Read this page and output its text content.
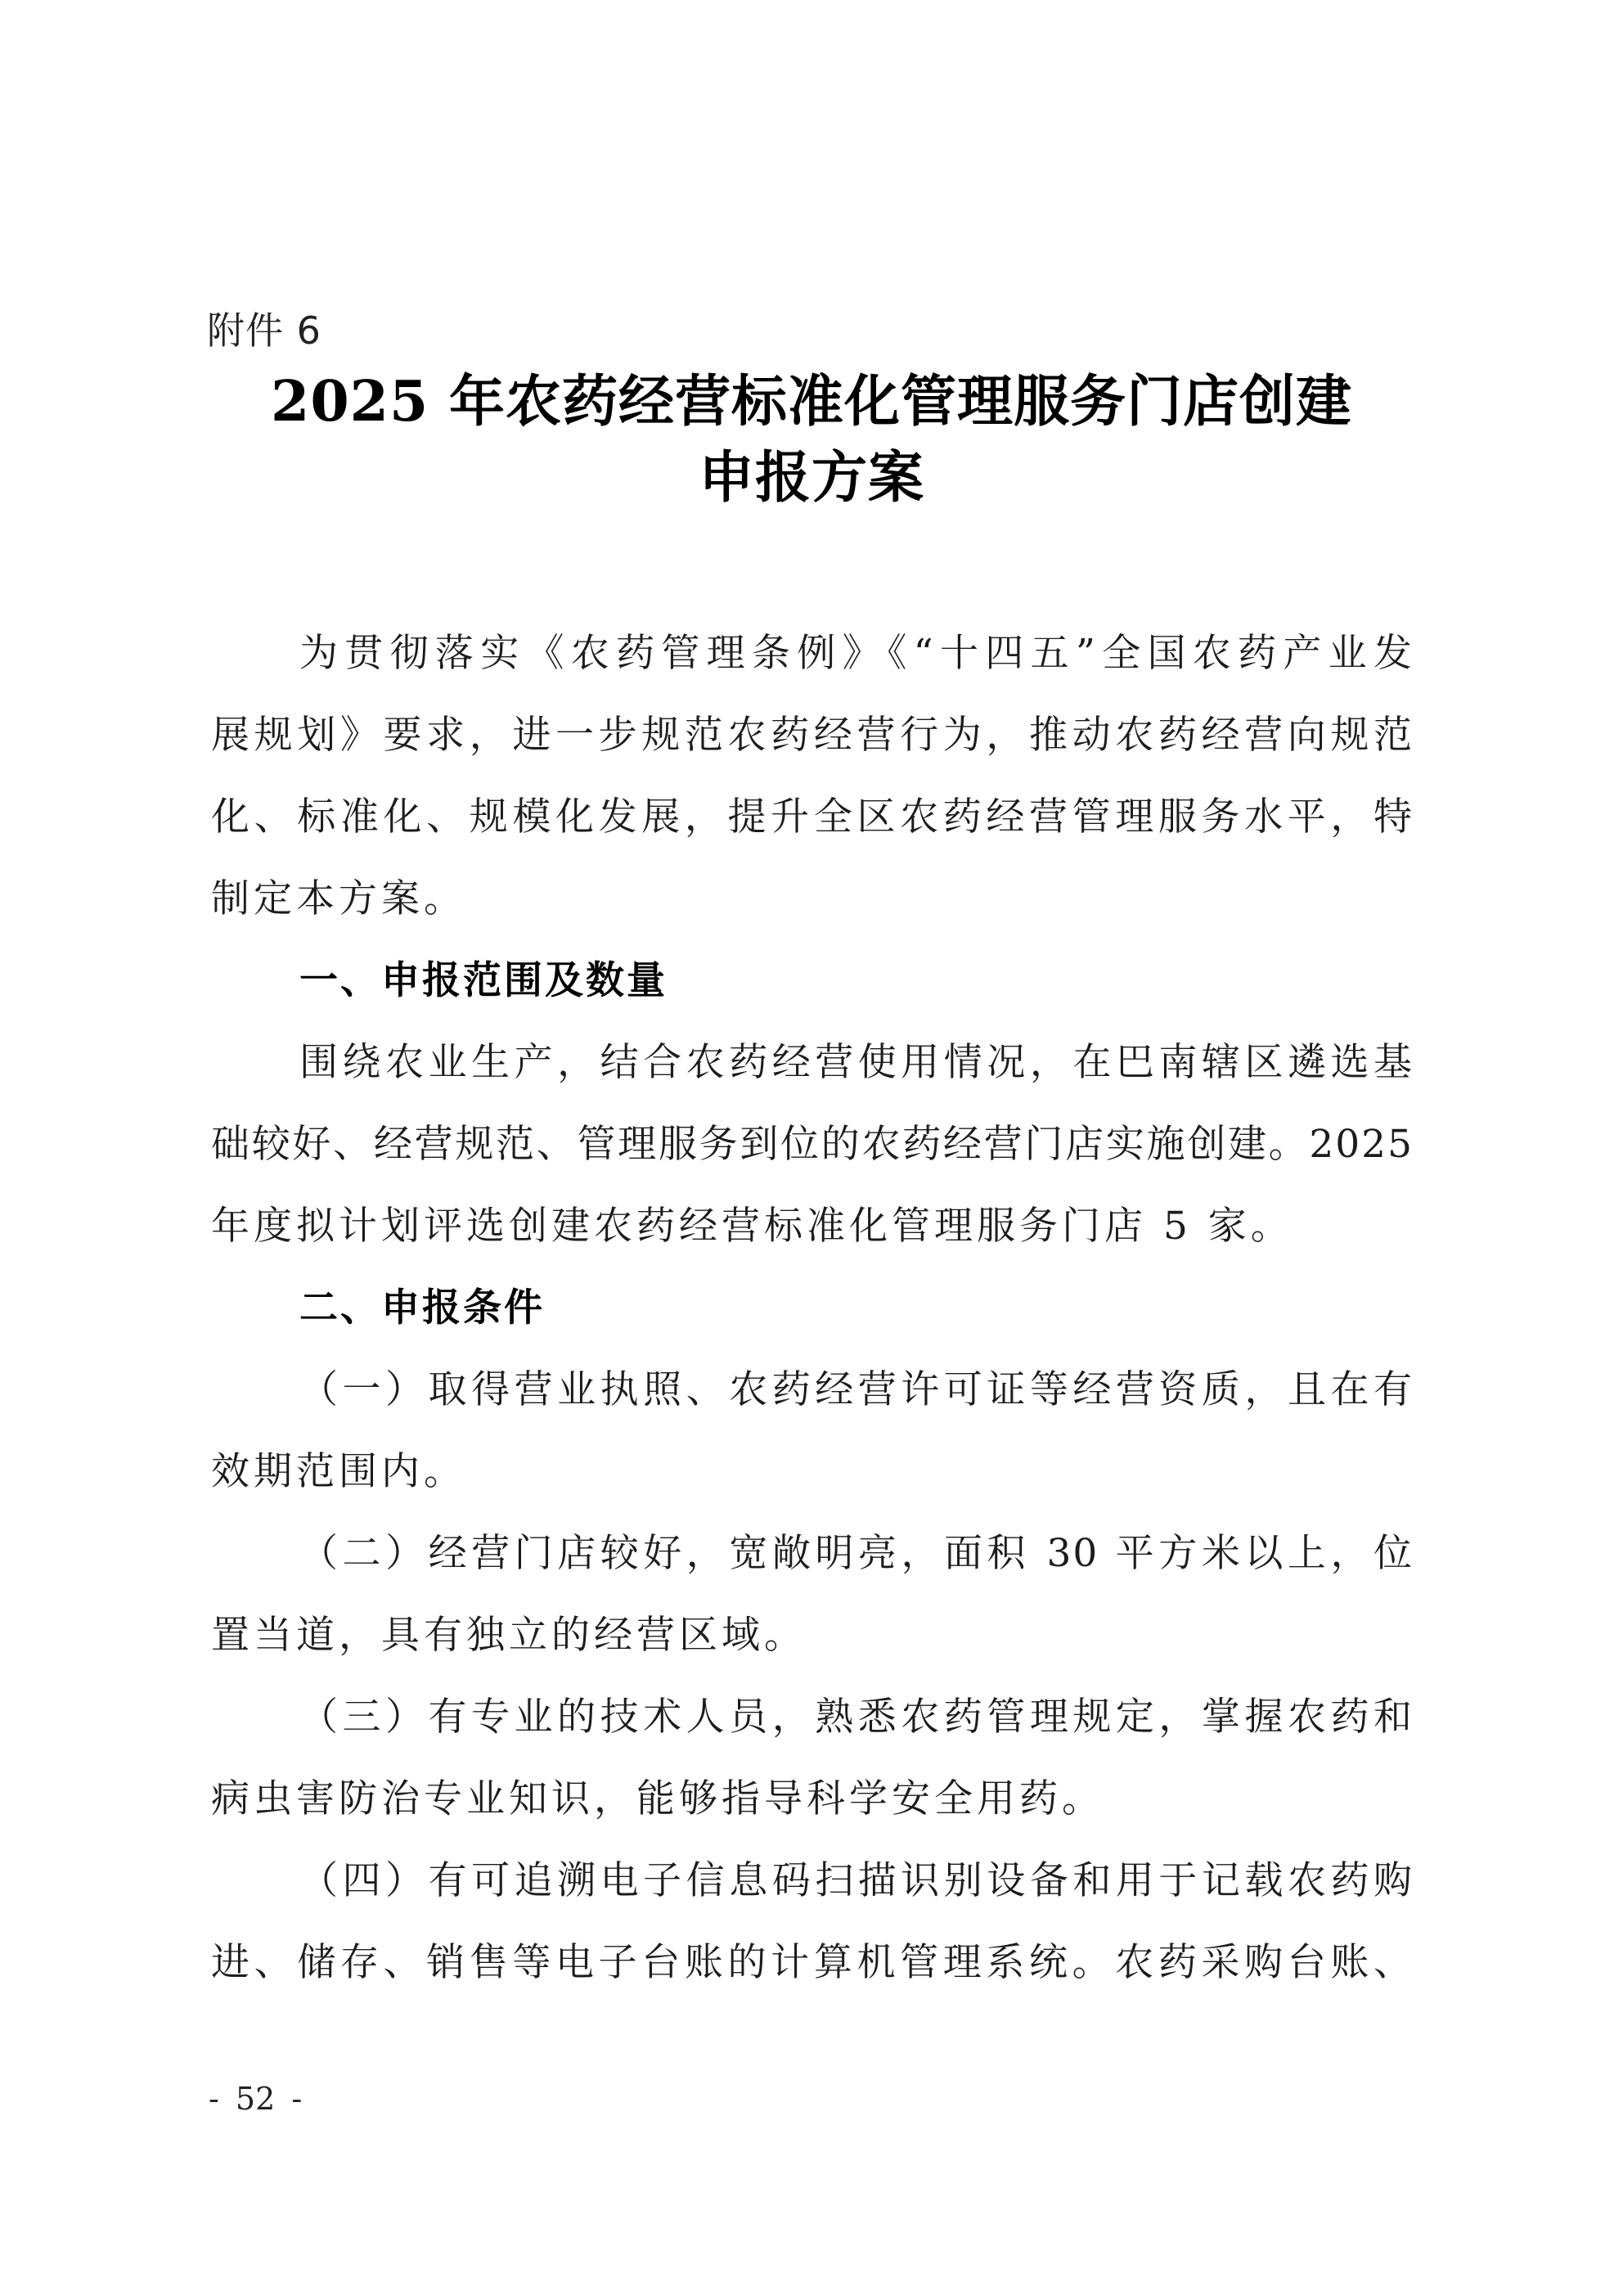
附件 6
2025 年农药经营标准化管理服务门店创建
申报方案
为贯彻落实《农药管理条例》《“十四五”全国农药产业发
展规划》要求，进一步规范农药经营行为，推动农药经营向规范
化、标准化、规模化发展，提升全区农药经营管理服务水平，特
制定本方案。
一、申报范围及数量
围绕农业生产，结合农药经营使用情况，在巴南辖区遴选基
础较好、经营规范、管理服务到位的农药经营门店实施创建。2025
年度拟计划评选创建农药经营标准化管理服务门店 5 家。
二、申报条件
（一）取得营业执照、农药经营许可证等经营资质，且在有
效期范围内。
（二）经营门店较好，宽敞明亮，面积 30 平方米以上，位
置当道，具有独立的经营区域。
（三）有专业的技术人员，熟悉农药管理规定，掌握农药和
病虫害防治专业知识，能够指导科学安全用药。
（四）有可追溯电子信息码扫描识别设备和用于记载农药购
进、储存、销售等电子台账的计算机管理系统。农药采购台账、
- 52 -
